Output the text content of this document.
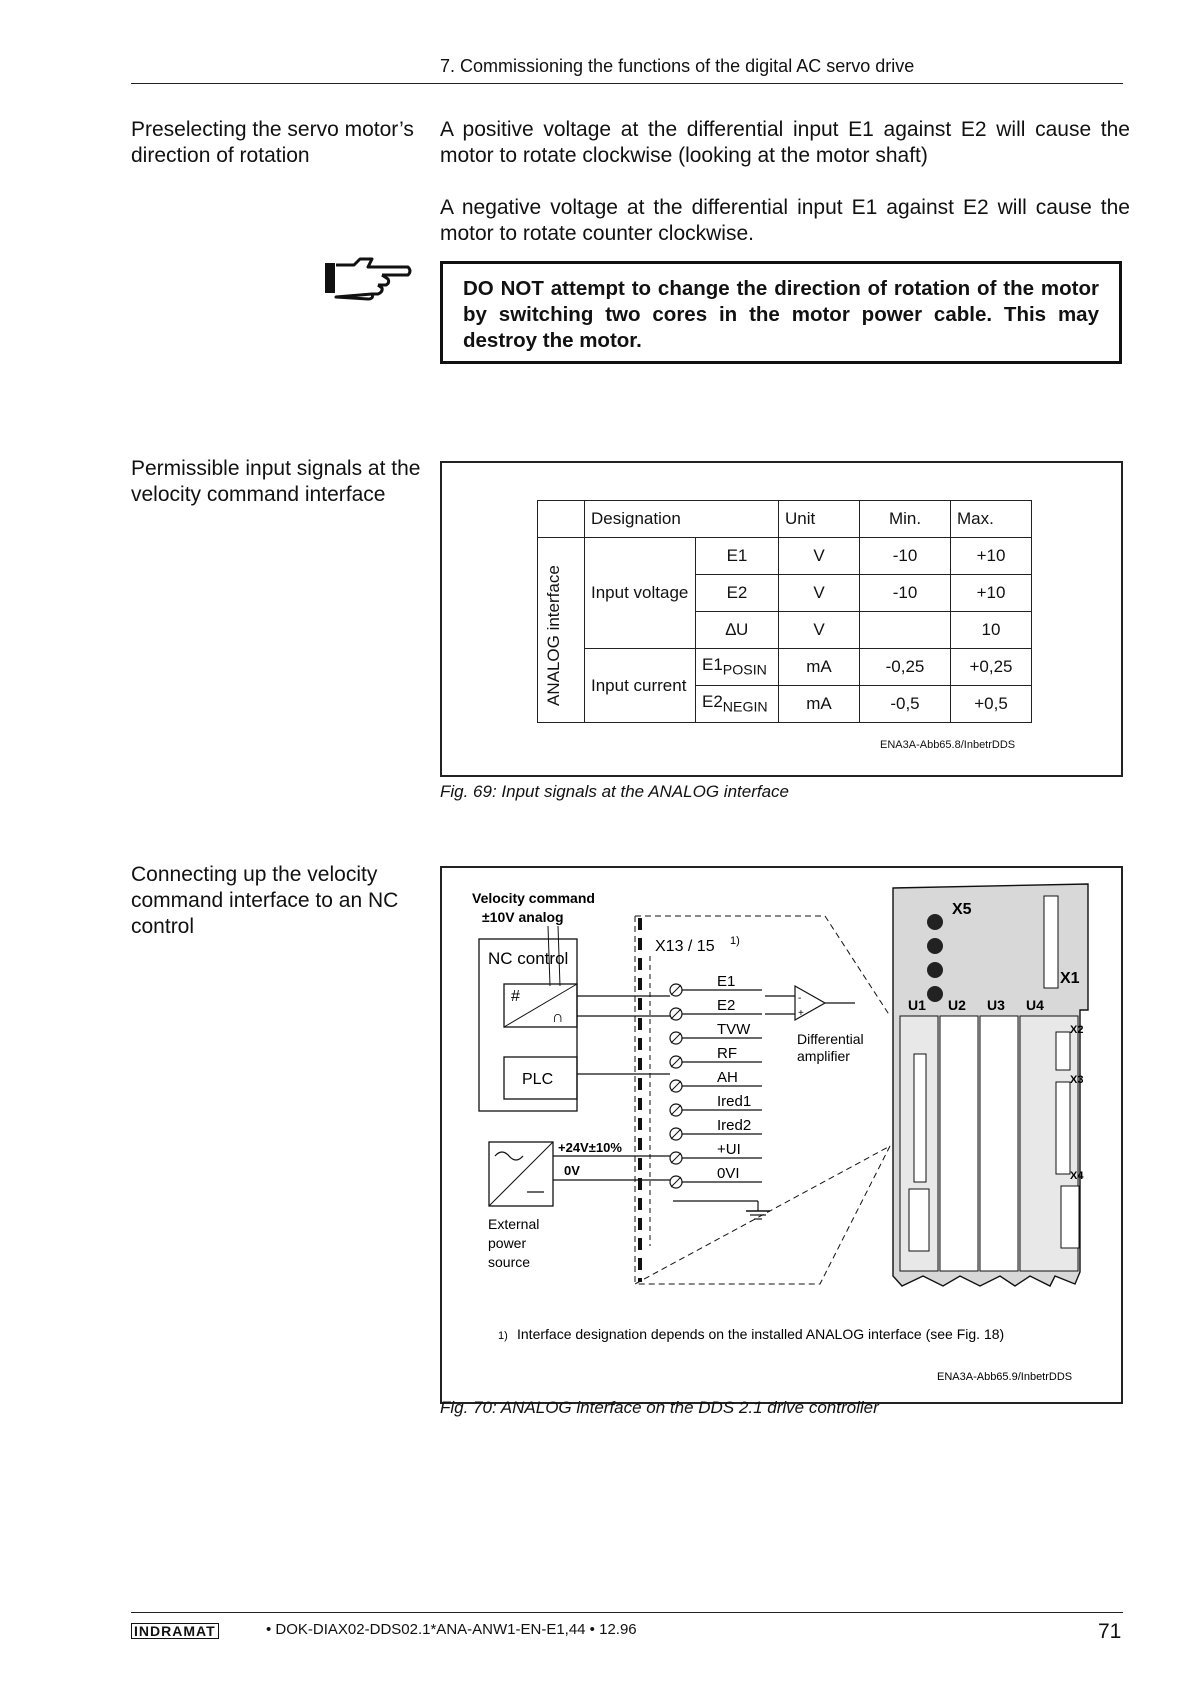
7. Commissioning the functions of the digital AC servo drive
Preselecting the servo motor’s direction of rotation
A positive voltage at the differential input E1 against E2 will cause the motor to rotate clockwise (looking at the motor shaft)
A negative voltage at the differential input E1 against E2 will cause the motor to rotate counter clockwise.
DO NOT attempt to change the direction of rotation of the motor by switching two cores in the motor power cable. This may destroy the motor.
Permissible input signals at the velocity command interface
	Designation		Unit	Min.	Max.

ANALOG interface	Input voltage	E1	V	-10	+10
		E2	V	-10	+10
		∆U	V		10
	Input current	$E1_{POSIN}$	mA	-0,25	+0,25
		$E2_{NEGIN}$	mA	-0,5	+0,5
ENA3A-Abb65.8/InbetrDDS
Fig. 69: Input signals at the ANALOG interface
Connecting up the velocity command interface to an NC control
Velocity command
±10V analog
NC control
#
∩
PLC
+24V±10%
0V
External
power
source
X13 / 15 1)
E1
E2
TVW
RF
AH
Ired1
Ired2
+UI
0VI
-
+
Differential
amplifier
X5
X1
X2
X3
X4
U1 U2 U3 U4
1) Interface designation depends on the installed ANALOG interface (see Fig. 18)
ENA3A-Abb65.9/InbetrDDS
Fig. 70: ANALOG interface on the DDS 2.1 drive controller
INDRAMAT	• DOK-DIAX02-DDS02.1*ANA-ANW1-EN-E1,44 • 12.96	71
